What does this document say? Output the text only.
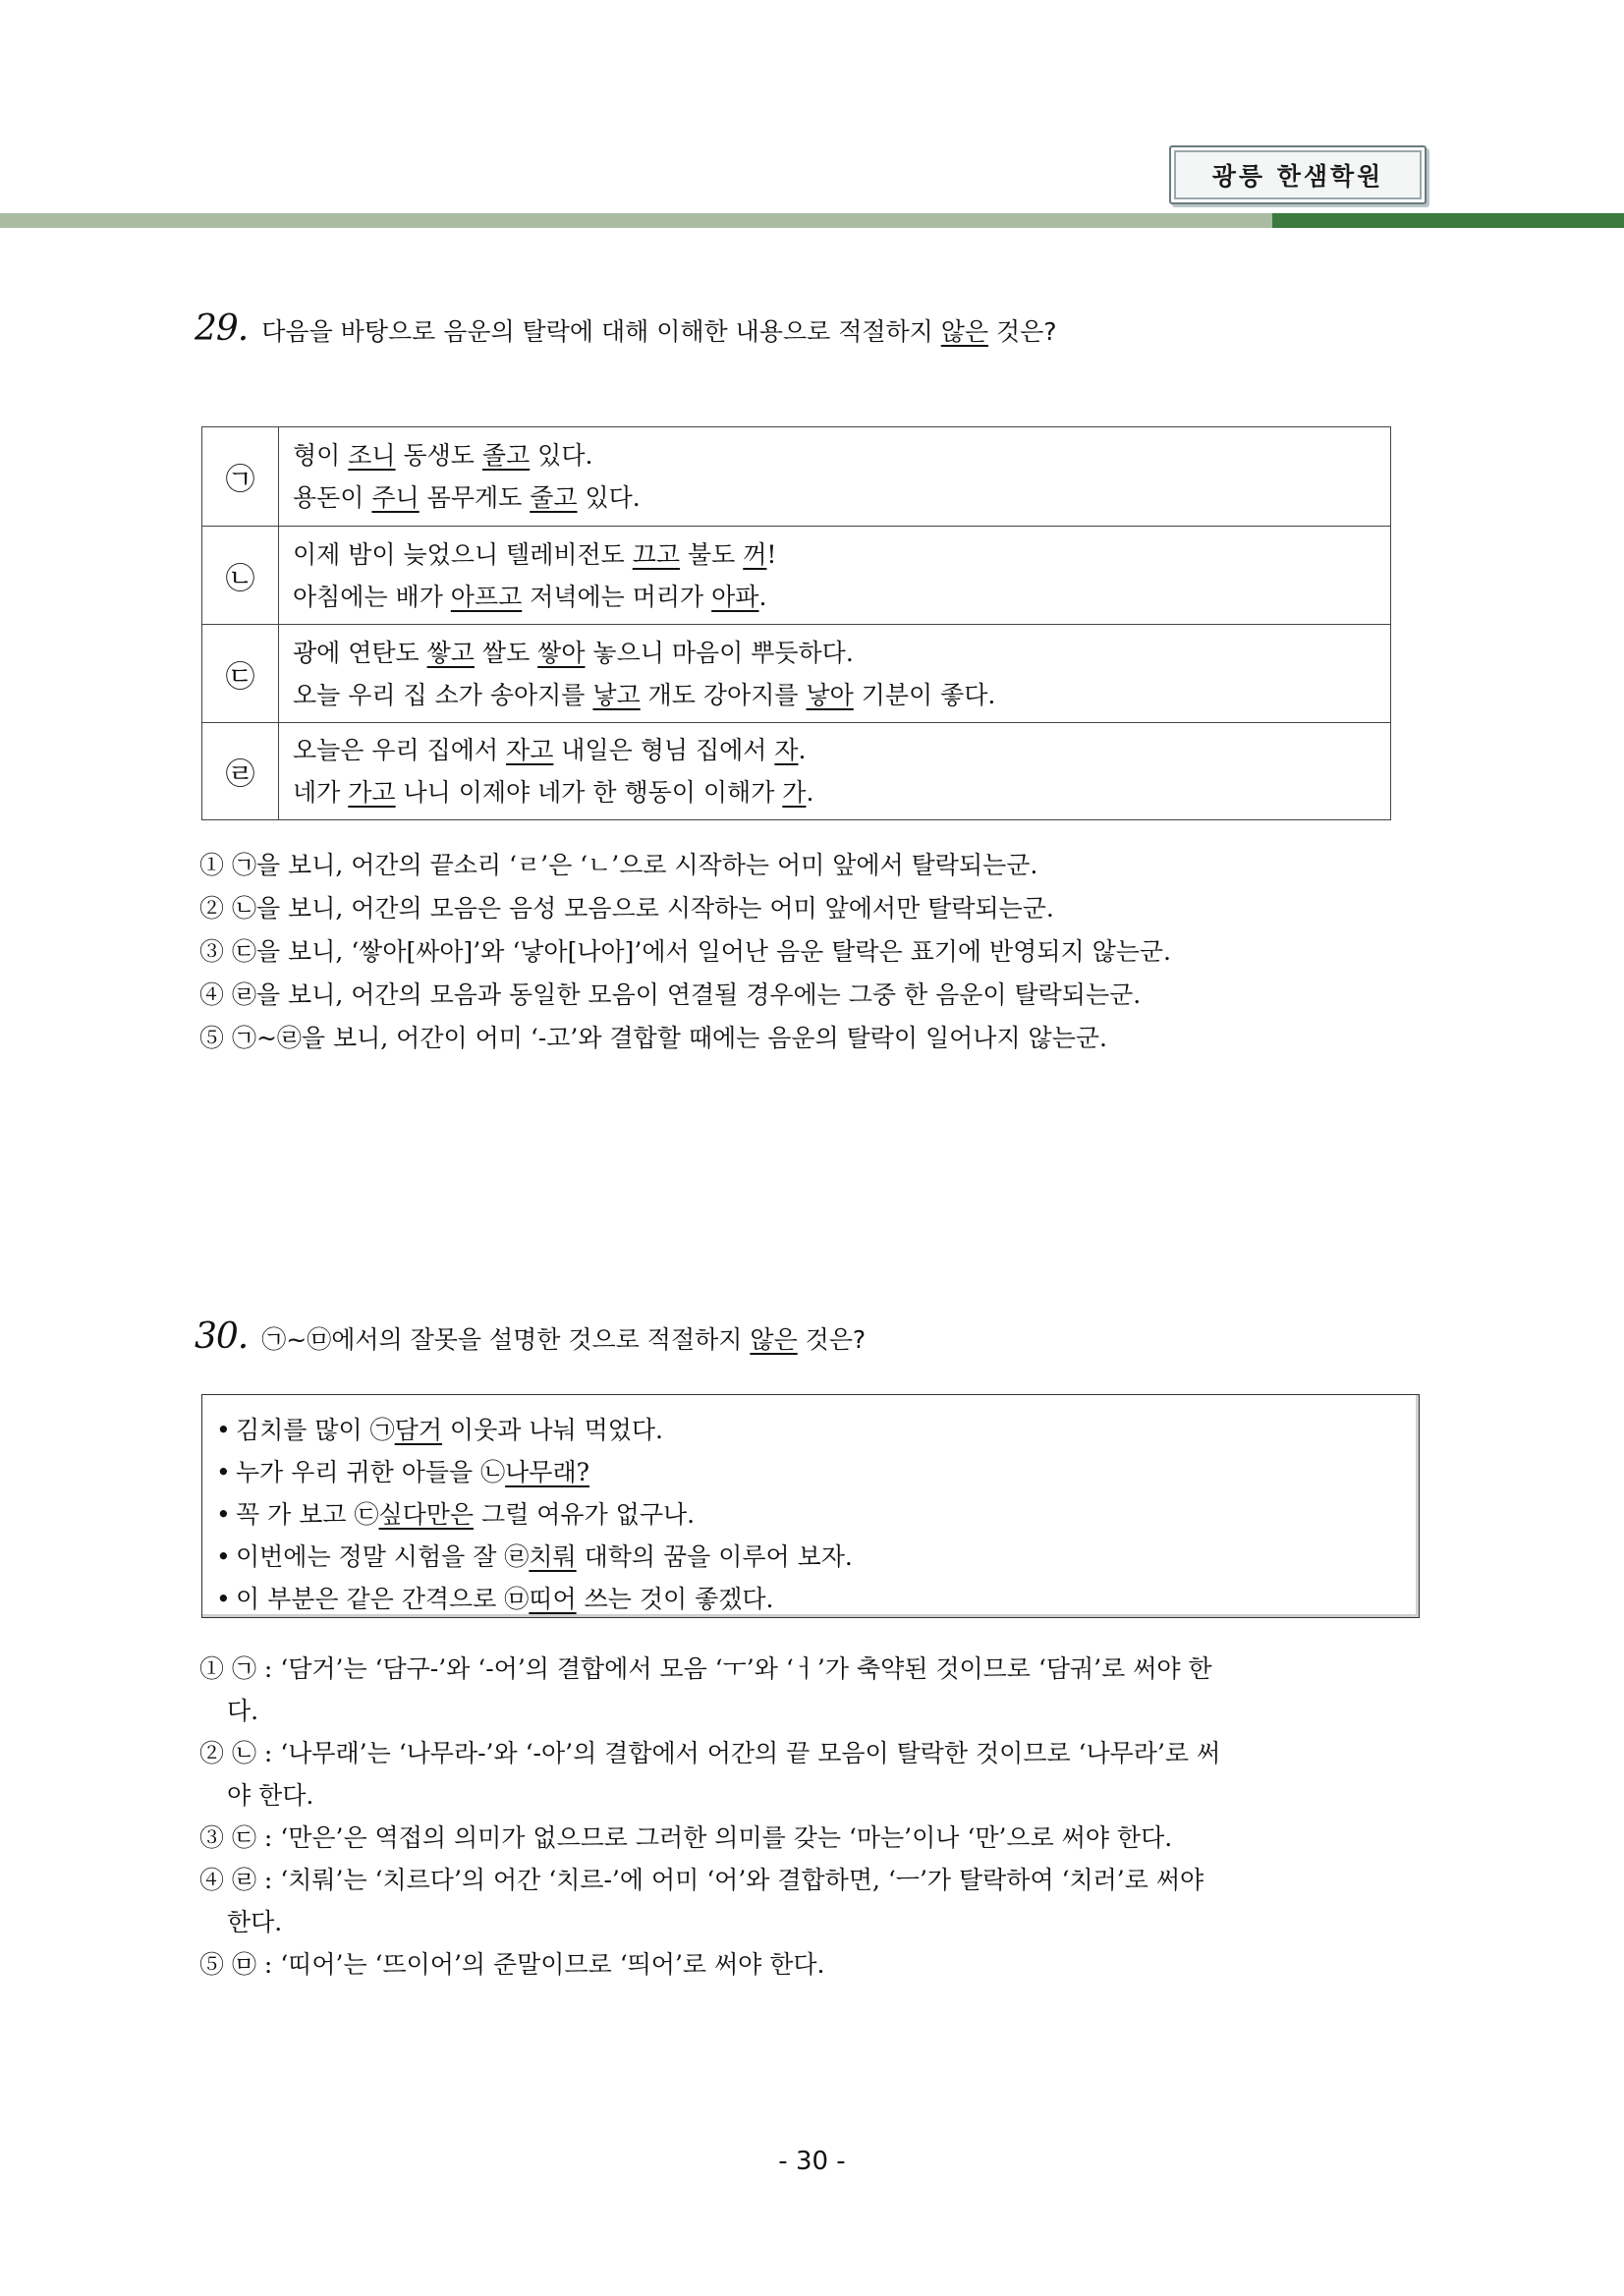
광릉 한샘학원
29. 다음을 바탕으로 음운의 탈락에 대해 이해한 내용으로 적절하지 않은 것은?
㉠	형이 조니 동생도 졸고 있다.
용돈이 주니 몸무게도 줄고 있다.

㉡	이제 밤이 늦었으니 텔레비전도 끄고 불도 꺼!
아침에는 배가 아프고 저녁에는 머리가 아파.

㉢	광에 연탄도 쌓고 쌀도 쌓아 놓으니 마음이 뿌듯하다.
오늘 우리 집 소가 송아지를 낳고 개도 강아지를 낳아 기분이 좋다.

㉣	오늘은 우리 집에서 자고 내일은 형님 집에서 자.
네가 가고 나니 이제야 네가 한 행동이 이해가 가.
① ㉠을 보니, 어간의 끝소리 ‘ㄹ’은 ‘ㄴ’으로 시작하는 어미 앞에서 탈락되는군.
② ㉡을 보니, 어간의 모음은 음성 모음으로 시작하는 어미 앞에서만 탈락되는군.
③ ㉢을 보니, ‘쌓아[싸아]’와 ‘낳아[나아]’에서 일어난 음운 탈락은 표기에 반영되지 않는군.
④ ㉣을 보니, 어간의 모음과 동일한 모음이 연결될 경우에는 그중 한 음운이 탈락되는군.
⑤ ㉠~㉣을 보니, 어간이 어미 ‘-고’와 결합할 때에는 음운의 탈락이 일어나지 않는군.
30. ㉠~㉤에서의 잘못을 설명한 것으로 적절하지 않은 것은?
• 김치를 많이 ㉠담거 이웃과 나눠 먹었다.
• 누가 우리 귀한 아들을 ㉡나무래?
• 꼭 가 보고 ㉢싶다만은 그럴 여유가 없구나.
• 이번에는 정말 시험을 잘 ㉣치뤄 대학의 꿈을 이루어 보자.
• 이 부분은 같은 간격으로 ㉤띠어 쓰는 것이 좋겠다.
① ㉠ : ‘담거’는 ‘담구-’와 ‘-어’의 결합에서 모음 ‘ㅜ’와 ‘ㅓ’가 축약된 것이므로 ‘담궈’로 써야 한
다.
② ㉡ : ‘나무래’는 ‘나무라-’와 ‘-아’의 결합에서 어간의 끝 모음이 탈락한 것이므로 ‘나무라’로 써
야 한다.
③ ㉢ : ‘만은’은 역접의 의미가 없으므로 그러한 의미를 갖는 ‘마는’이나 ‘만’으로 써야 한다.
④ ㉣ : ‘치뤄’는 ‘치르다’의 어간 ‘치르-’에 어미 ‘어’와 결합하면, ‘ㅡ’가 탈락하여 ‘치러’로 써야
한다.
⑤ ㉤ : ‘띠어’는 ‘뜨이어’의 준말이므로 ‘띄어’로 써야 한다.
- 30 -
